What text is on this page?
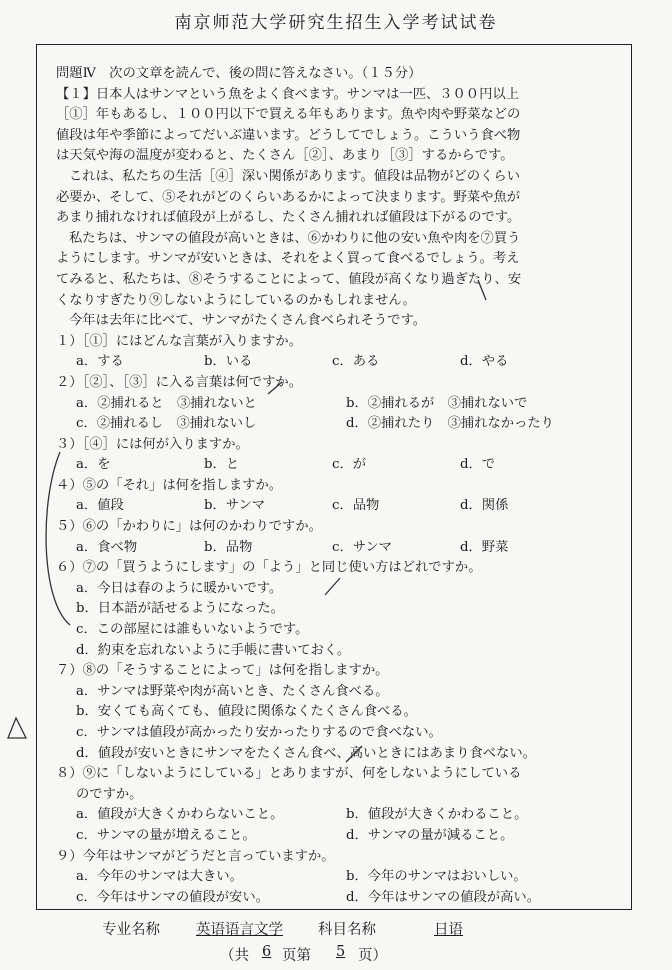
南京师范大学研究生招生入学考试试卷

問題Ⅳ　次の文章を読んで、後の問に答えなさい。（１５分）

【１】日本人はサンマという魚をよく食べます。サンマは一匹、３００円以上

［①］年もあるし、１００円以下で買える年もあります。魚や肉や野菜などの

値段は年や季節によってだいぶ違います。どうしてでしょう。こういう食べ物

は天気や海の温度が変わると、たくさん［②］、あまり［③］するからです。

これは、私たちの生活［④］深い関係があります。値段は品物がどのくらい

必要か、そして、⑤それがどのくらいあるかによって決まります。野菜や魚が

あまり捕れなければ値段が上がるし、たくさん捕れれば値段は下がるのです。

私たちは、サンマの値段が高いときは、⑥かわりに他の安い魚や肉を⑦買う

ようにします。サンマが安いときは、それをよく買って食べるでしょう。考え

てみると、私たちは、⑧そうすることによって、値段が高くなり過ぎたり、安

くなりすぎたり⑨しないようにしているのかもしれません。

今年は去年に比べて、サンマがたくさん食べられそうです。

１）［①］にはどんな言葉が入りますか。

a．する	b．いる	c．ある	d．やる

２）［②］、［③］に入る言葉は何ですか。

a．②捕れると　③捕れないと	b．②捕れるが　③捕れないで
c．②捕れるし　③捕れないし	d．②捕れたり　③捕れなかったり

３）［④］には何が入りますか。

a．を	b．と	c．が	d．で

４）⑤の「それ」は何を指しますか。

a．値段	b．サンマ	c．品物	d．関係

５）⑥の「かわりに」は何のかわりですか。

a．食べ物	b．品物	c．サンマ	d．野菜

６）⑦の「買うようにします」の「よう」と同じ使い方はどれですか。

a．今日は春のように暖かいです。

b．日本語が話せるようになった。

c．この部屋には誰もいないようです。

d．約束を忘れないように手帳に書いておく。

７）⑧の「そうすることによって」は何を指しますか。

a．サンマは野菜や肉が高いとき、たくさん食べる。

b．安くても高くても、値段に関係なくたくさん食べる。

c．サンマは値段が高かったり安かったりするので食べない。

d．値段が安いときにサンマをたくさん食べ、高いときにはあまり食べない。

８）⑨に「しないようにしている」とありますが、何をしないようにしている

のですか。

a．値段が大きくかわらないこと。	b．値段が大きくかわること。
c．サンマの量が増えること。	d．サンマの量が減ること。

９）今年はサンマがどうだと言っていますか。

a．今年のサンマは大きい。	b．今年のサンマはおいしい。
c．今年はサンマの値段が安い。	d．今年はサンマの値段が高い。
专业名称 英语语言文学 科目名称	日语
（共 6 页第 5 页）
